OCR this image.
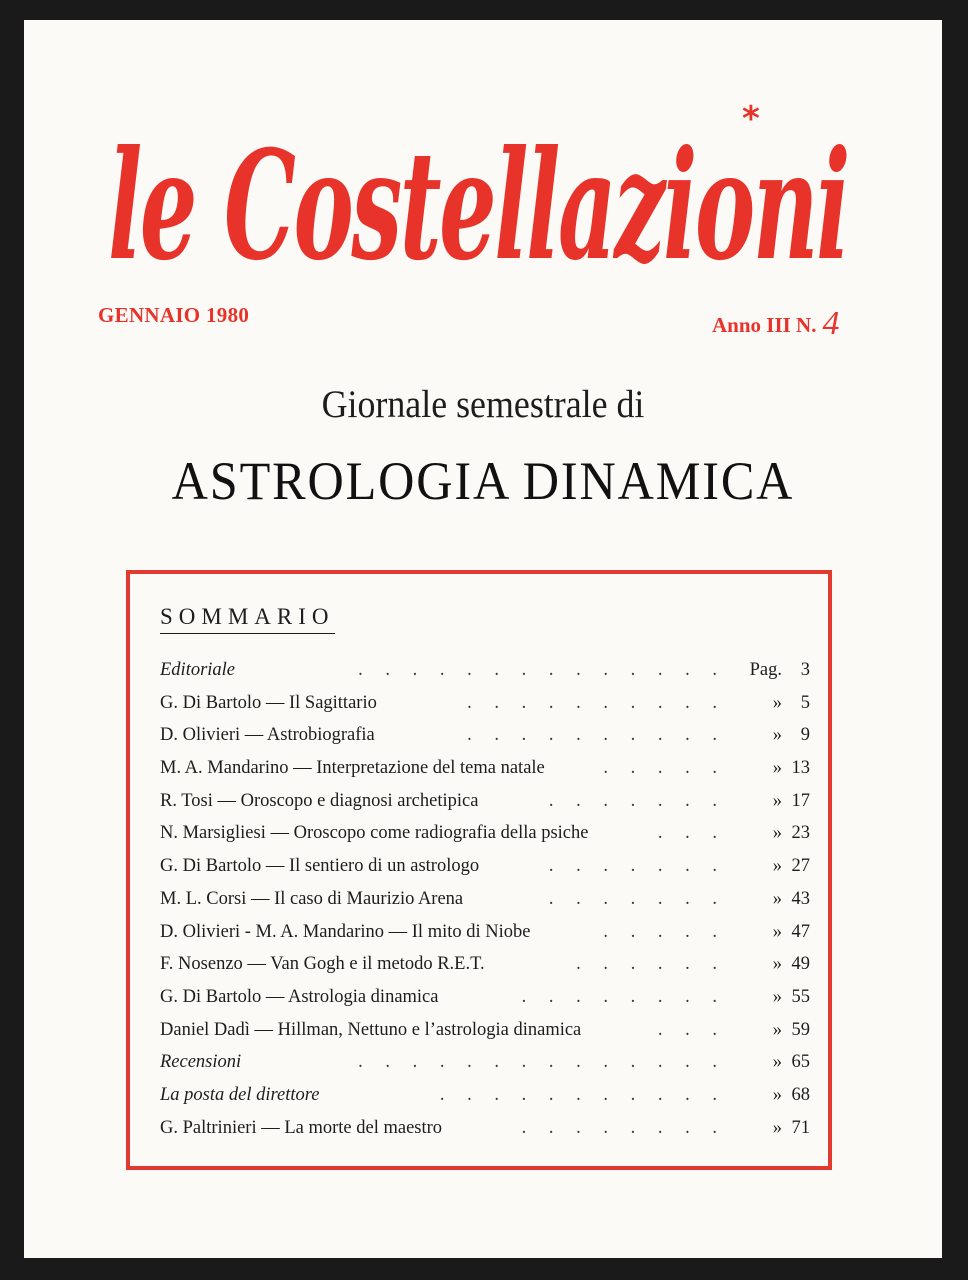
le Costellazioni
*
GENNAIO 1980	Anno III N. 4
Giornale semestrale di
ASTROLOGIA DINAMICA
SOMMARIO
Editoriale	. . . . . . . . . . . . . .	Pag.	3
G. Di Bartolo — Il Sagittario	. . . . . . . . . .	»	5
D. Olivieri — Astrobiografia	. . . . . . . . . .	»	9
M. A. Mandarino — Interpretazione del tema natale	. . . . .	» 13
R. Tosi — Oroscopo e diagnosi archetipica	. . . . . . .	» 17
N. Marsigliesi — Oroscopo come radiografia della psiche	. . .	» 23
G. Di Bartolo — Il sentiero di un astrologo	. . . . . . .	» 27
M. L. Corsi — Il caso di Maurizio Arena	. . . . . . .	» 43
D. Olivieri - M. A. Mandarino — Il mito di Niobe	. . . . .	» 47
F. Nosenzo — Van Gogh e il metodo R.E.T.	. . . . . .	» 49
G. Di Bartolo — Astrologia dinamica	. . . . . . . .	» 55
Daniel Dadì — Hillman, Nettuno e l’astrologia dinamica	. . .	» 59
Recensioni	. . . . . . . . . . . . . .	» 65
La posta del direttore	. . . . . . . . . . .	» 68
G. Paltrinieri — La morte del maestro	. . . . . . . .	» 71
